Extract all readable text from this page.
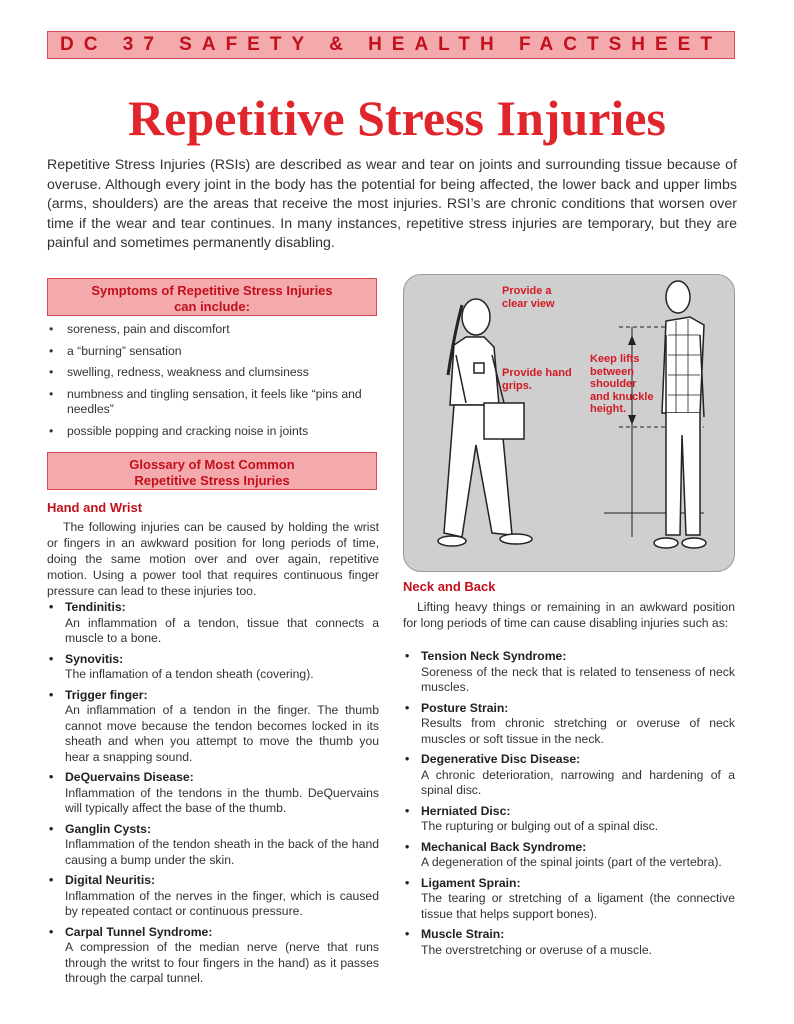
DC 37 SAFETY & HEALTH FACTSHEET
Repetitive Stress Injuries

Repetitive Stress Injuries (RSIs) are described as wear and tear on joints and surrounding tissue because of overuse. Although every joint in the body has the potential for being affected, the lower back and upper limbs (arms, shoulders) are the areas that receive the most injuries. RSI’s are chronic conditions that worsen over time if the wear and tear continues. In many instances, repetitive stress injuries are temporary, but they are painful and sometimes permanently disabling.

Symptoms of Repetitive Stress Injuries
can include:
• soreness, pain and discomfort
• a “burning” sensation
• swelling, redness, weakness and clumsiness
• numbness and tingling sensation, it feels like “pins and needles”
• possible popping and cracking noise in joints
Glossary of Most Common
Repetitive Stress Injuries
Hand and Wrist

The following injuries can be caused by holding the wrist or fingers in an awkward position for long periods of time, doing the same motion over and over again, repetitive motion. Using a power tool that requires continuous finger pressure can lead to these injuries too.

• Tendinitis:
An inflammation of a tendon, tissue that connects a muscle to a bone.
• Synovitis:
The inflamation of a tendon sheath (covering).
• Trigger finger:
An inflammation of a tendon in the finger. The thumb cannot move because the tendon becomes locked in its sheath and when you attempt to move the thumb you hear a snapping sound.
• DeQuervains Disease:
Inflammation of the tendons in the thumb. DeQuervains will typically affect the base of the thumb.
• Ganglin Cysts:
Inflammation of the tendon sheath in the back of the hand causing a bump under the skin.
• Digital Neuritis:
Inflammation of the nerves in the finger, which is caused by repeated contact or continuous pressure.
• Carpal Tunnel Syndrome:
A compression of the median nerve (nerve that runs through the writst to four fingers in the hand) as it passes through the carpal tunnel.
Provide a clear view
Provide hand grips.
Keep lifts between shoulder and knuckle height.
Neck and Back

Lifting heavy things or remaining in an awkward position for long periods of time can cause disabling injuries such as:

• Tension Neck Syndrome:
Soreness of the neck that is related to tenseness of neck muscles.
• Posture Strain:
Results from chronic stretching or overuse of neck muscles or soft tissue in the neck.
• Degenerative Disc Disease:
A chronic deterioration, narrowing and hardening of a spinal disc.
• Herniated Disc:
The rupturing or bulging out of a spinal disc.
• Mechanical Back Syndrome:
A degeneration of the spinal joints (part of the vertebra).
• Ligament Sprain:
The tearing or stretching of a ligament (the connective tissue that helps support bones).
• Muscle Strain:
The overstretching or overuse of a muscle.
